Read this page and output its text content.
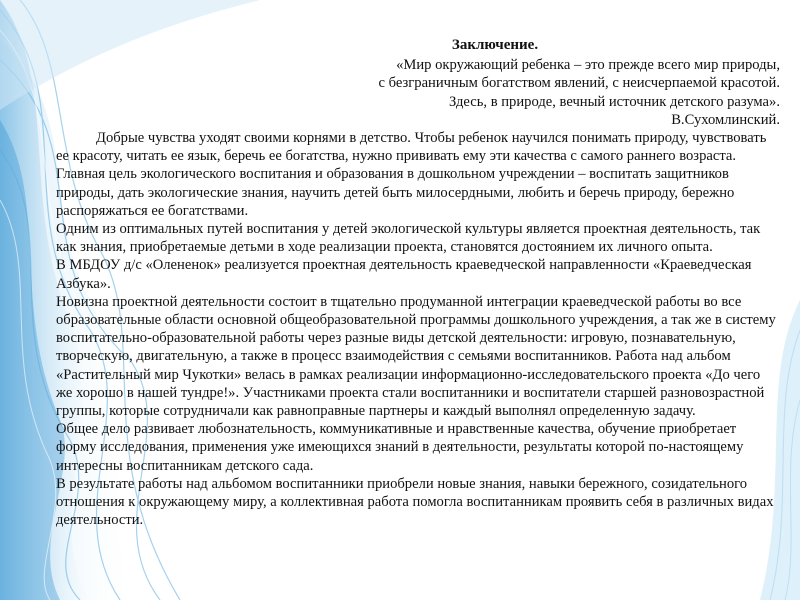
Заключение.

«Мир окружающий ребенка – это прежде всего мир природы,

с безграничным богатством явлений, с неисчерпаемой красотой.

Здесь, в природе, вечный источник детского разума».

В.Сухомлинский.

Добрые чувства уходят своими корнями в детство. Чтобы ребенок научился понимать природу, чувствовать ее красоту, читать ее язык, беречь ее богатства, нужно прививать ему эти качества с самого раннего возраста.

Главная цель экологического воспитания и образования в дошкольном учреждении – воспитать защитников природы, дать экологические знания, научить детей быть милосердными, любить и беречь природу, бережно распоряжаться ее богатствами.

Одним из оптимальных путей воспитания у детей экологической культуры является проектная деятельность, так как знания, приобретаемые детьми в ходе реализации проекта, становятся достоянием их личного опыта.

В МБДОУ д/с «Олененок» реализуется проектная деятельность краеведческой направленности «Краеведческая Азбука».

Новизна проектной деятельности состоит в тщательно продуманной интеграции краеведческой работы во все образовательные области основной общеобразовательной программы дошкольного учреждения, а так же в систему воспитательно-образовательной работы через разные виды детской деятельности: игровую, познавательную, творческую, двигательную, а также в процесс взаимодействия с семьями воспитанников. Работа над альбом «Растительный мир Чукотки» велась в рамках реализации информационно-исследовательского проекта «До чего же хорошо в нашей тундре!». Участниками проекта стали воспитанники и воспитатели старшей разновозрастной группы, которые сотрудничали как равноправные партнеры и каждый выполнял определенную задачу.

Общее дело развивает любознательность, коммуникативные и нравственные качества, обучение приобретает форму исследования, применения уже имеющихся знаний в деятельности, результаты которой по-настоящему интересны воспитанникам детского сада.

В результате работы над альбомом воспитанники приобрели новые знания, навыки бережного, созидательного отношения к окружающему миру, а коллективная работа помогла воспитанникам проявить себя в различных видах деятельности.
